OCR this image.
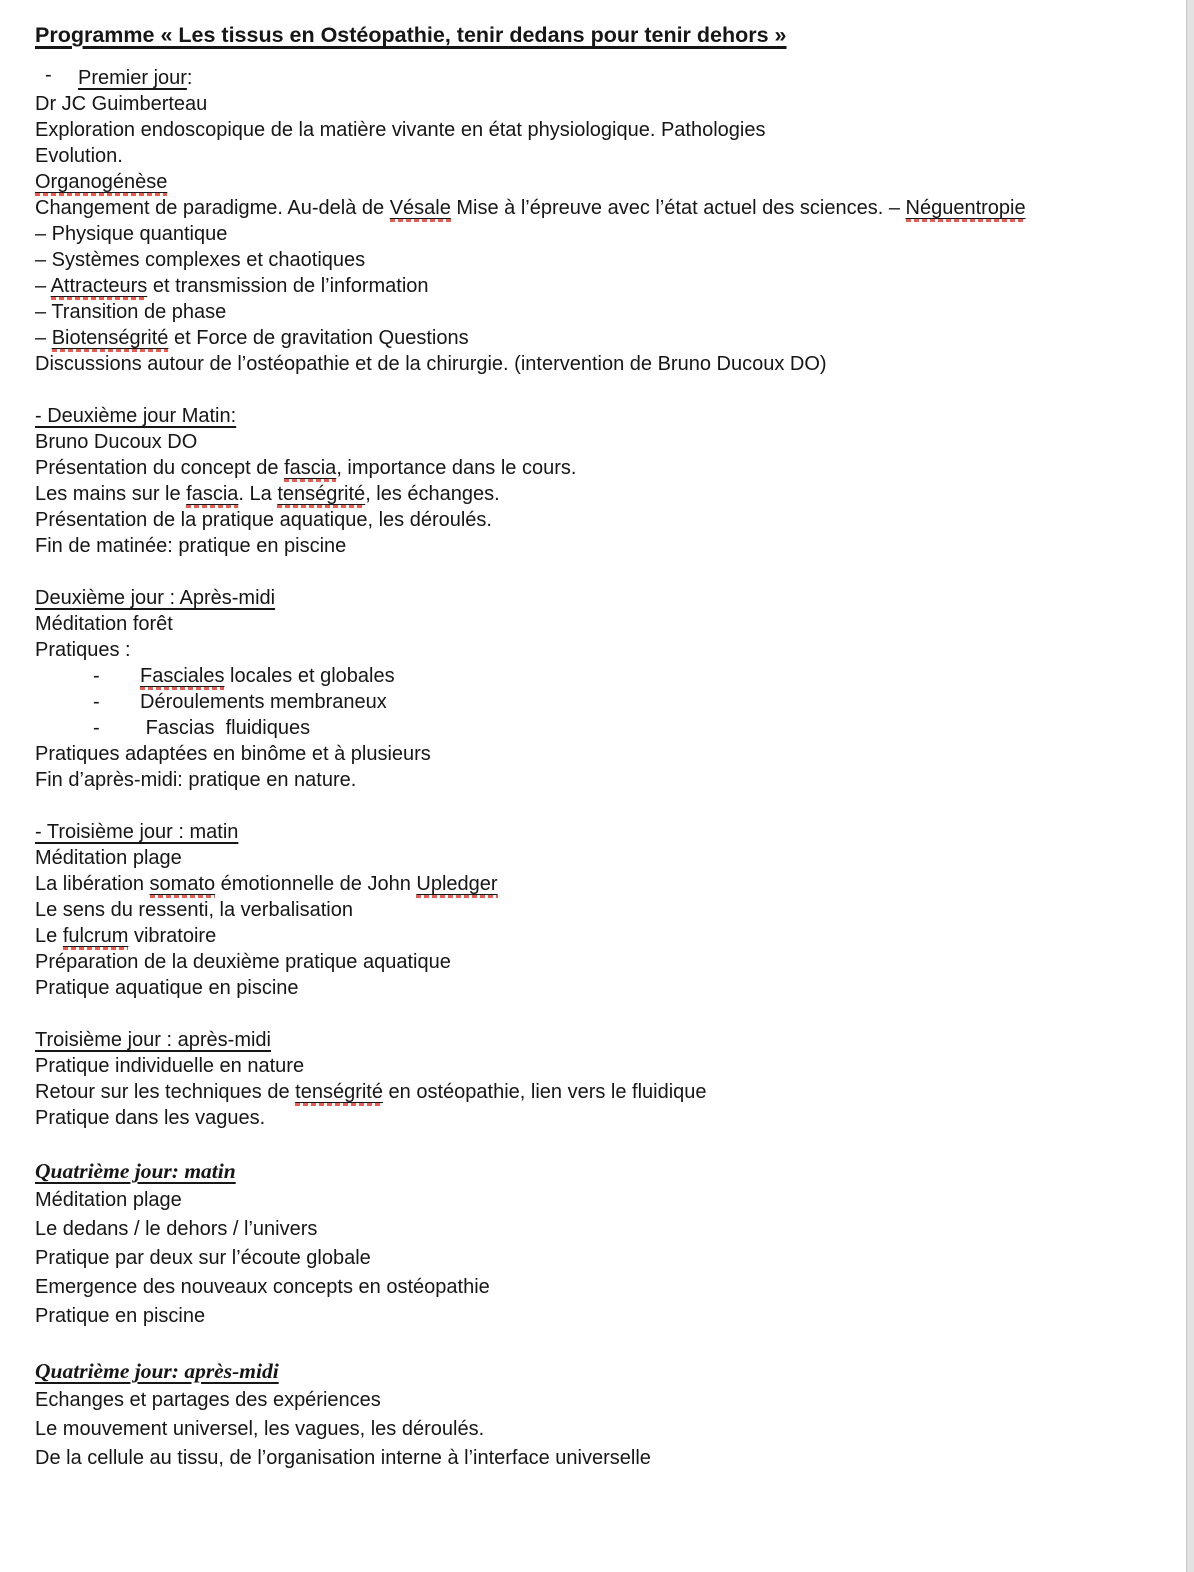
Programme « Les tissus en Ostéopathie, tenir dedans pour tenir dehors »
- Premier jour:
Dr JC Guimberteau
Exploration endoscopique de la matière vivante en état physiologique. Pathologies
Evolution.
Organogénèse
Changement de paradigme. Au-delà de Vésale Mise à l’épreuve avec l’état actuel des sciences. – Néguentropie
– Physique quantique
– Systèmes complexes et chaotiques
– Attracteurs et transmission de l’information
– Transition de phase
– Biotenségrité et Force de gravitation Questions
Discussions autour de l’ostéopathie et de la chirurgie. (intervention de Bruno Ducoux DO)
- Deuxième jour Matin:
Bruno Ducoux DO
Présentation du concept de fascia, importance dans le cours.
Les mains sur le fascia. La tenségrité, les échanges.
Présentation de la pratique aquatique, les déroulés.
Fin de matinée: pratique en piscine
Deuxième jour : Après-midi
Méditation forêt
Pratiques :
- Fasciales locales et globales
- Déroulements membraneux
- Fascias  fluidiques
Pratiques adaptées en binôme et à plusieurs
Fin d’après-midi: pratique en nature.
- Troisième jour : matin
Méditation plage
La libération somato émotionnelle de John Upledger
Le sens du ressenti, la verbalisation
Le fulcrum vibratoire
Préparation de la deuxième pratique aquatique
Pratique aquatique en piscine
Troisième jour : après-midi
Pratique individuelle en nature
Retour sur les techniques de tenségrité en ostéopathie, lien vers le fluidique
Pratique dans les vagues.
Quatrième jour: matin
Méditation plage
Le dedans / le dehors / l’univers
Pratique par deux sur l’écoute globale
Emergence des nouveaux concepts en ostéopathie
Pratique en piscine
Quatrième jour: après-midi
Echanges et partages des expériences
Le mouvement universel, les vagues, les déroulés.
De la cellule au tissu, de l’organisation interne à l’interface universelle
